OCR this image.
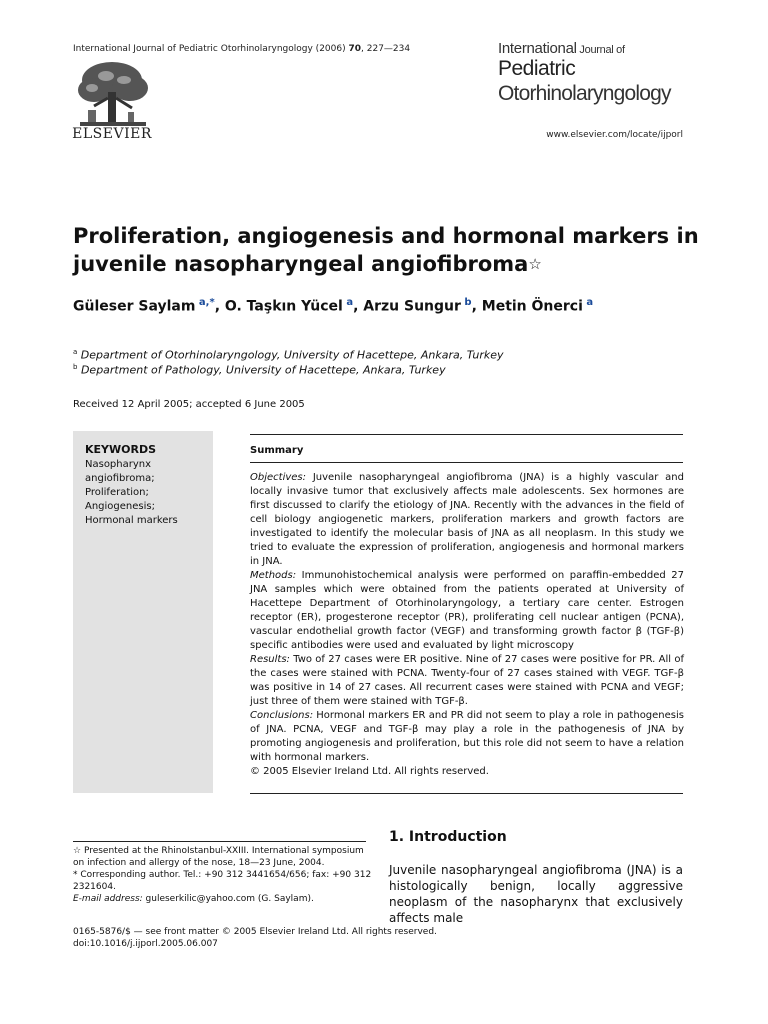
International Journal of Pediatric Otorhinolaryngology (2006) 70, 227—234
ELSEVIER
International Journal of
Pediatric
Otorhinolaryngology
www.elsevier.com/locate/ijporl
Proliferation, angiogenesis and hormonal markers in juvenile nasopharyngeal angiofibroma☆
Güleser Saylam $^{a,*}$, O. Taşkın Yücel $^a$, Arzu Sungur $^b$, Metin Önerci $^a$
$^a$ Department of Otorhinolaryngology, University of Hacettepe, Ankara, Turkey
$^b$ Department of Pathology, University of Hacettepe, Ankara, Turkey
Received 12 April 2005; accepted 6 June 2005
KEYWORDS
Nasopharynx
angiofibroma;
Proliferation;
Angiogenesis;
Hormonal markers
Summary

Objectives: Juvenile nasopharyngeal angiofibroma (JNA) is a highly vascular and locally invasive tumor that exclusively affects male adolescents. Sex hormones are first discussed to clarify the etiology of JNA. Recently with the advances in the field of cell biology angiogenetic markers, proliferation markers and growth factors are investigated to identify the molecular basis of JNA as all neoplasm. In this study we tried to evaluate the expression of proliferation, angiogenesis and hormonal markers in JNA.

Methods: Immunohistochemical analysis were performed on paraffin-embedded 27 JNA samples which were obtained from the patients operated at University of Hacettepe Department of Otorhinolaryngology, a tertiary care center. Estrogen receptor (ER), progesterone receptor (PR), proliferating cell nuclear antigen (PCNA), vascular endothelial growth factor (VEGF) and transforming growth factor β (TGF-β) specific antibodies were used and evaluated by light microscopy

Results: Two of 27 cases were ER positive. Nine of 27 cases were positive for PR. All of the cases were stained with PCNA. Twenty-four of 27 cases stained with VEGF. TGF-β was positive in 14 of 27 cases. All recurrent cases were stained with PCNA and VEGF; just three of them were stained with TGF-β.

Conclusions: Hormonal markers ER and PR did not seem to play a role in pathogenesis of JNA. PCNA, VEGF and TGF-β may play a role in the pathogenesis of JNA by promoting angiogenesis and proliferation, but this role did not seem to have a relation with hormonal markers.

© 2005 Elsevier Ireland Ltd. All rights reserved.

☆ Presented at the RhinoIstanbul-XXIII. International symposium on infection and allergy of the nose, 18—23 June, 2004.

* Corresponding author. Tel.: +90 312 3441654/656; fax: +90 312 2321604.

E-mail address: guleserkilic@yahoo.com (G. Saylam).

1. Introduction
Juvenile nasopharyngeal angiofibroma (JNA) is a histologically benign, locally aggressive neoplasm of the nasopharynx that exclusively affects male
0165-5876/$ — see front matter © 2005 Elsevier Ireland Ltd. All rights reserved.
doi:10.1016/j.ijporl.2005.06.007
